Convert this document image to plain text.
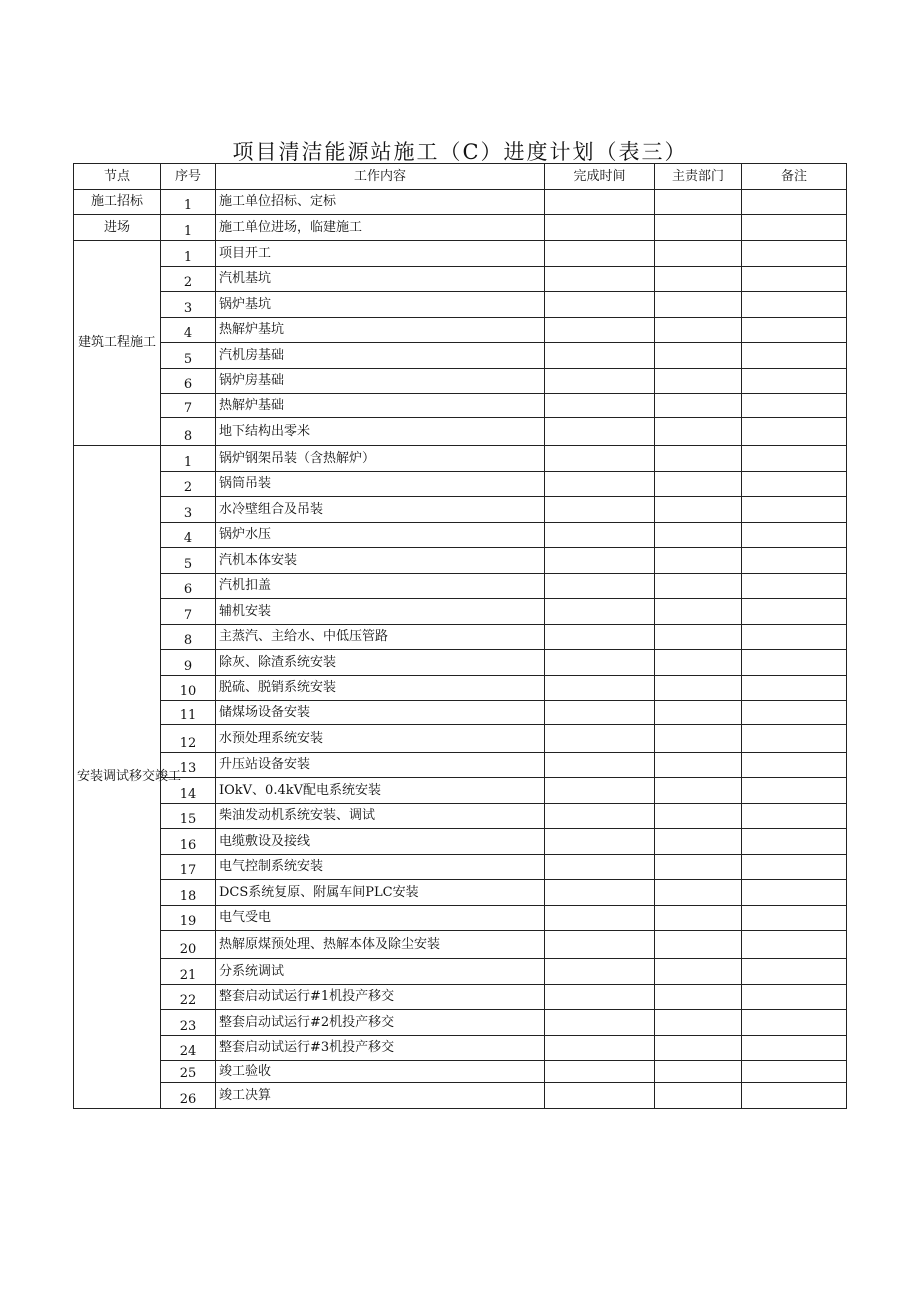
项目清洁能源站施工（C）进度计划（表三）
节点	序号	工作内容	完成时间	主责部门	备注
施工招标	1	施工单位招标、定标			
进场	1	施工单位进场，临建施工			
建筑工程施工	1	项目开工			
	2	汽机基坑			
	3	锅炉基坑			
	4	热解炉基坑			
	5	汽机房基础			
	6	锅炉房基础			
	7	热解炉基础			
	8	地下结构出零米			
安装调试移交竣工	1	锅炉钢架吊装（含热解炉）			
	2	锅筒吊装			
	3	水冷壁组合及吊装			
	4	锅炉水压			
	5	汽机本体安装			
	6	汽机扣盖			
	7	辅机安装			
	8	主蒸汽、主给水、中低压管路			
	9	除灰、除渣系统安装			
	10	脱硫、脱销系统安装			
	11	储煤场设备安装			
	12	水预处理系统安装			
	13	升压站设备安装			
	14	IOkV、0.4kV配电系统安装			
	15	柴油发动机系统安装、调试			
	16	电缆敷设及接线			
	17	电气控制系统安装			
	18	DCS系统复原、附属车间PLC安装			
	19	电气受电			
	20	热解原煤预处理、热解本体及除尘安装			
	21	分系统调试			
	22	整套启动试运行#1机投产移交			
	23	整套启动试运行#2机投产移交			
	24	整套启动试运行#3机投产移交			
	25	竣工验收			
	26	竣工决算			
